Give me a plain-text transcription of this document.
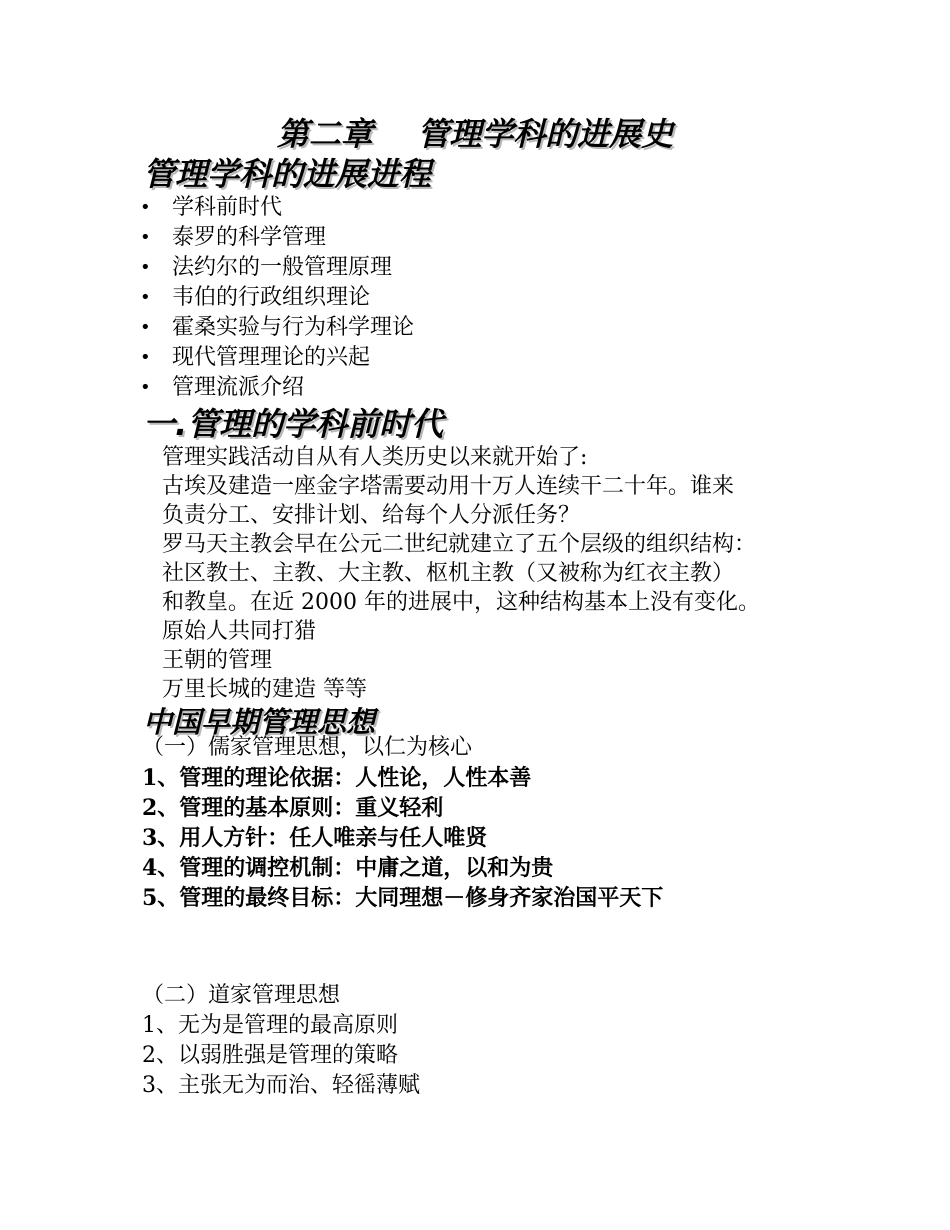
第二章    管理学科的进展史
管理学科的进展进程
• 学科前时代
• 泰罗的科学管理
• 法约尔的一般管理原理
• 韦伯的行政组织理论
• 霍桑实验与行为科学理论
• 现代管理理论的兴起
• 管理流派介绍
一.管理的学科前时代
管理实践活动自从有人类历史以来就开始了:
古埃及建造一座金字塔需要动用十万人连续干二十年。谁来
负责分工、安排计划、给每个人分派任务？
罗马天主教会早在公元二世纪就建立了五个层级的组织结构：
社区教士、主教、大主教、枢机主教（又被称为红衣主教）
和教皇。在近 2000 年的进展中，这种结构基本上没有变化。
原始人共同打猎
王朝的管理
万里长城的建造 等等
中国早期管理思想
（一）儒家管理思想，以仁为核心
1、管理的理论依据：人性论，人性本善
2、管理的基本原则：重义轻利
3、用人方针：任人唯亲与任人唯贤
4、管理的调控机制：中庸之道，以和为贵
5、管理的最终目标：大同理想－修身齐家治国平天下
（二）道家管理思想
1、无为是管理的最高原则
2、以弱胜强是管理的策略
3、主张无为而治、轻徭薄赋
